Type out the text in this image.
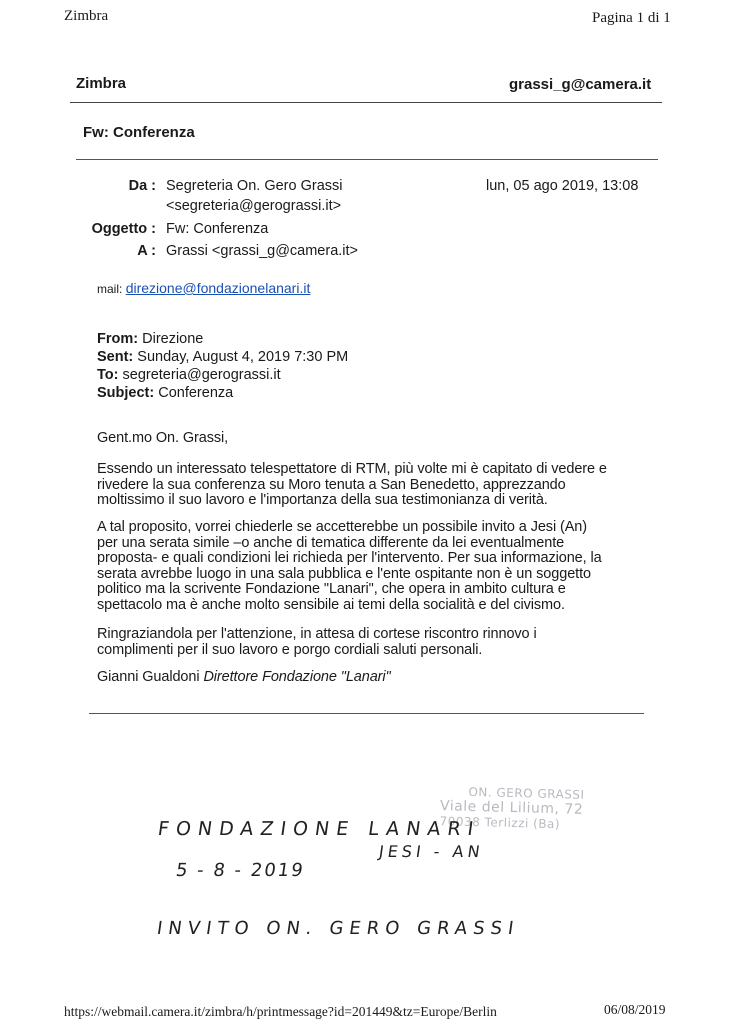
Zimbra	Pagina 1 di 1
Zimbra	grassi_g@camera.it
Fw: Conferenza
Da : Segreteria On. Gero Grassi
<segreteria@gerograssi.it>
lun, 05 ago 2019, 13:08
Oggetto : Fw: Conferenza
A : Grassi <grassi_g@camera.it>
mail: direzione@fondazionelanari.it
From: Direzione
Sent: Sunday, August 4, 2019 7:30 PM
To: segreteria@gerograssi.it
Subject: Conferenza
Gent.mo On. Grassi,
Essendo un interessato telespettatore di RTM, più volte mi è capitato di vedere e
rivedere la sua conferenza su Moro tenuta a San Benedetto, apprezzando
moltissimo il suo lavoro e l'importanza della sua testimonianza di verità.
A tal proposito, vorrei chiederle se accetterebbe un possibile invito a Jesi (An)
per una serata simile –o anche di tematica differente da lei eventualmente
proposta- e quali condizioni lei richieda per l'intervento. Per sua informazione, la
serata avrebbe luogo in una sala pubblica e l'ente ospitante non è un soggetto
politico ma la scrivente Fondazione "Lanari", che opera in ambito cultura e
spettacolo ma è anche molto sensibile ai temi della socialità e del civismo.
Ringraziandola per l'attenzione, in attesa di cortese riscontro rinnovo i
complimenti per il suo lavoro e porgo cordiali saluti personali.
Gianni Gualdoni Direttore Fondazione "Lanari"
ON. GERO GRASSI
Viale del Lilium, 72
70038 Terlizzi (Ba)
FONDAZIONE LANARI
JESI - AN
5 - 8 - 2019
INVITO ON. GERO GRASSI
https://webmail.camera.it/zimbra/h/printmessage?id=201449&tz=Europe/Berlin	06/08/2019
